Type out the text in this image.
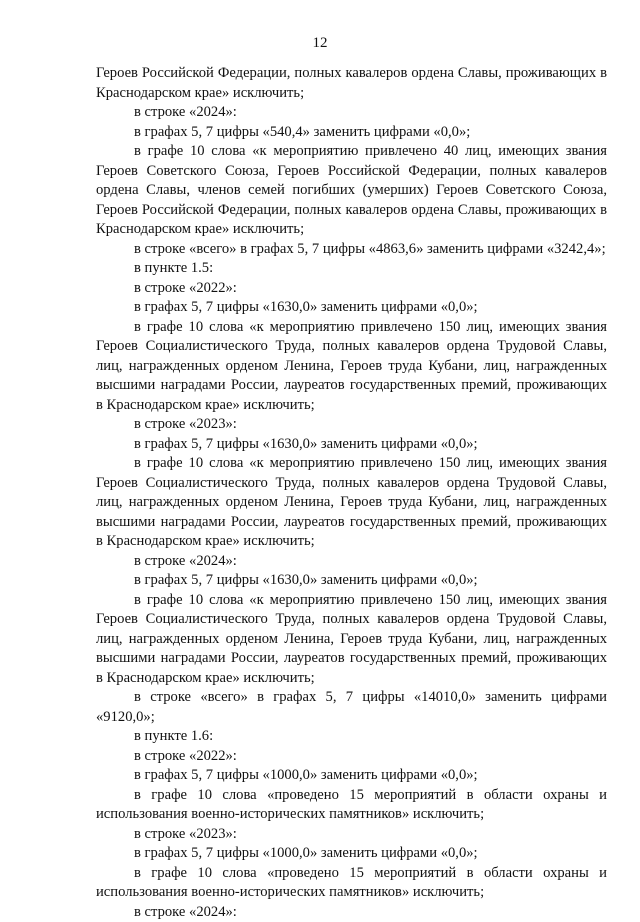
12

Героев Российской Федерации, полных кавалеров ордена Славы, проживающих в Краснодарском крае» исключить;

в строке «2024»:

в графах 5, 7 цифры «540,4» заменить цифрами «0,0»;

в графе 10 слова «к мероприятию привлечено 40 лиц, имеющих звания Героев Советского Союза, Героев Российской Федерации, полных кавалеров ордена Славы, членов семей погибших (умерших) Героев Советского Союза, Героев Российской Федерации, полных кавалеров ордена Славы, проживающих в Краснодарском крае» исключить;

в строке «всего» в графах 5, 7 цифры «4863,6» заменить цифрами «3242,4»;

в пункте 1.5:

в строке «2022»:

в графах 5, 7 цифры «1630,0» заменить цифрами «0,0»;

в графе 10 слова «к мероприятию привлечено 150 лиц, имеющих звания Героев Социалистического Труда, полных кавалеров ордена Трудовой Славы, лиц, награжденных орденом Ленина, Героев труда Кубани, лиц, награжденных высшими наградами России, лауреатов государственных премий, проживающих в Краснодарском крае» исключить;

в строке «2023»:

в графах 5, 7 цифры «1630,0» заменить цифрами «0,0»;

в графе 10 слова «к мероприятию привлечено 150 лиц, имеющих звания Героев Социалистического Труда, полных кавалеров ордена Трудовой Славы, лиц, награжденных орденом Ленина, Героев труда Кубани, лиц, награжденных высшими наградами России, лауреатов государственных премий, проживающих в Краснодарском крае» исключить;

в строке «2024»:

в графах 5, 7 цифры «1630,0» заменить цифрами «0,0»;

в графе 10 слова «к мероприятию привлечено 150 лиц, имеющих звания Героев Социалистического Труда, полных кавалеров ордена Трудовой Славы, лиц, награжденных орденом Ленина, Героев труда Кубани, лиц, награжденных высшими наградами России, лауреатов государственных премий, проживающих в Краснодарском крае» исключить;

в строке «всего» в графах 5, 7 цифры «14010,0» заменить цифрами «9120,0»;

в пункте 1.6:

в строке «2022»:

в графах 5, 7 цифры «1000,0» заменить цифрами «0,0»;

в графе 10 слова «проведено 15 мероприятий в области охраны и использования военно-исторических памятников» исключить;

в строке «2023»:

в графах 5, 7 цифры «1000,0» заменить цифрами «0,0»;

в графе 10 слова «проведено 15 мероприятий в области охраны и использования военно-исторических памятников» исключить;

в строке «2024»:
